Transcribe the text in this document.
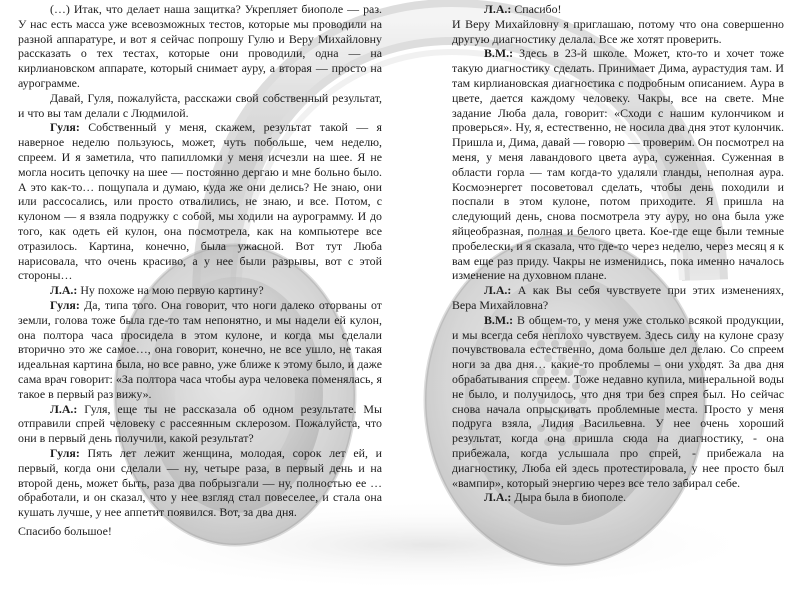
(…) Итак, что делает наша защитка? Укрепляет биополе — раз. У нас есть масса уже всевозможных тестов, которые мы проводили на разной аппаратуре, и вот я сейчас попрошу Гулю и Веру Михайловну рассказать о тех тестах, которые они проводили, одна — на кирлиановском аппарате, который снимает ауру, а вторая — просто на аурограмме.

Давай, Гуля, пожалуйста, расскажи свой собственный результат, и что вы там делали с Людмилой.

Гуля: Собственный у меня, скажем, результат такой — я наверное неделю пользуюсь, может, чуть побольше, чем неделю, спреем. И я заметила, что папилломки у меня исчезли на шее. Я не могла носить цепочку на шее — постоянно дергаю и мне больно было. А это как-то… пощупала и думаю, куда же они делись? Не знаю, они или рассосались, или просто отвалились, не знаю, и все. Потом, с кулоном — я взяла подружку с собой, мы ходили на аурограмму. И до того, как одеть ей кулон, она посмотрела, как на компьютере все отразилось. Картина, конечно, была ужасной. Вот тут Люба нарисовала, что очень красиво, а у нее были разрывы, вот с этой стороны…

Л.А.: Ну похоже на мою первую картину?

Гуля: Да, типа того. Она говорит, что ноги далеко оторваны от земли, голова тоже была где-то там непонятно, и мы надели ей кулон, она полтора часа просидела в этом кулоне, и когда мы сделали вторично это же самое…, она говорит, конечно, не все ушло, не такая идеальная картина была, но все равно, уже ближе к этому было, и даже сама врач говорит: «За полтора часа чтобы аура человека поменялась, я такое в первый раз вижу».

Л.А.: Гуля, еще ты не рассказала об одном результате. Мы отправили спрей человеку с рассеянным склерозом. Пожалуйста, что они в первый день получили, какой результат?

Гуля: Пять лет лежит женщина, молодая, сорок лет ей, и первый, когда они сделали — ну, четыре раза, в первый день и на второй день, может быть, раза два побрызгали — ну, полностью ее … обработали, и он сказал, что у нее взгляд стал повеселее, и стала она кушать лучше, у нее аппетит появился. Вот, за два дня.

Спасибо большое!

Л.А.: Спасибо!

И Веру Михайловну я приглашаю, потому что она совершенно другую диагностику делала. Все же хотят проверить.

В.М.: Здесь в 23-й школе. Может, кто-то и хочет тоже такую диагностику сделать. Принимает Дима, аурастудия там. И там кирлиановская диагностика с подробным описанием. Аура в цвете, дается каждому человеку. Чакры, все на свете. Мне задание Люба дала, говорит: «Сходи с нашим кулончиком и проверься». Ну, я, естественно, не носила два дня этот кулончик. Пришла и, Дима, давай — говорю — проверим. Он посмотрел на меня, у меня лавандового цвета аура, суженная. Суженная в области горла — там когда-то удаляли гланды, неполная аура. Космоэнергет посоветовал сделать, чтобы день походили и поспали в этом кулоне, потом приходите. Я пришла на следующий день, снова посмотрела эту ауру, но она была уже яйцеобразная, полная и белого цвета. Кое-где еще были темные пробелески, и я сказала, что где-то через неделю, через месяц я к вам еще раз приду. Чакры не изменились, пока именно началось изменение на духовном плане.

Л.А.: А как Вы себя чувствуете при этих изменениях, Вера Михайловна?

В.М.: В общем-то, у меня уже столько всякой продукции, и мы всегда себя неплохо чувствуем. Здесь силу на кулоне сразу почувствовала естественно, дома больше дел делаю. Со спреем ноги за два дня… какие-то проблемы – они уходят. За два дня обрабатывания спреем. Тоже недавно купила, минеральной воды не было, и получилось, что дня три без спрея был. Но сейчас снова начала опрыскивать проблемные места. Просто у меня подруга взяла, Лидия Васильевна. У нее очень хороший результат, когда она пришла сюда на диагностику, - она прибежала, когда услышала про спрей, - прибежала на диагностику, Люба ей здесь протестировала, у нее просто был «вампир», который энергию через все тело забирал себе.

Л.А.: Дыра была в биополе.
